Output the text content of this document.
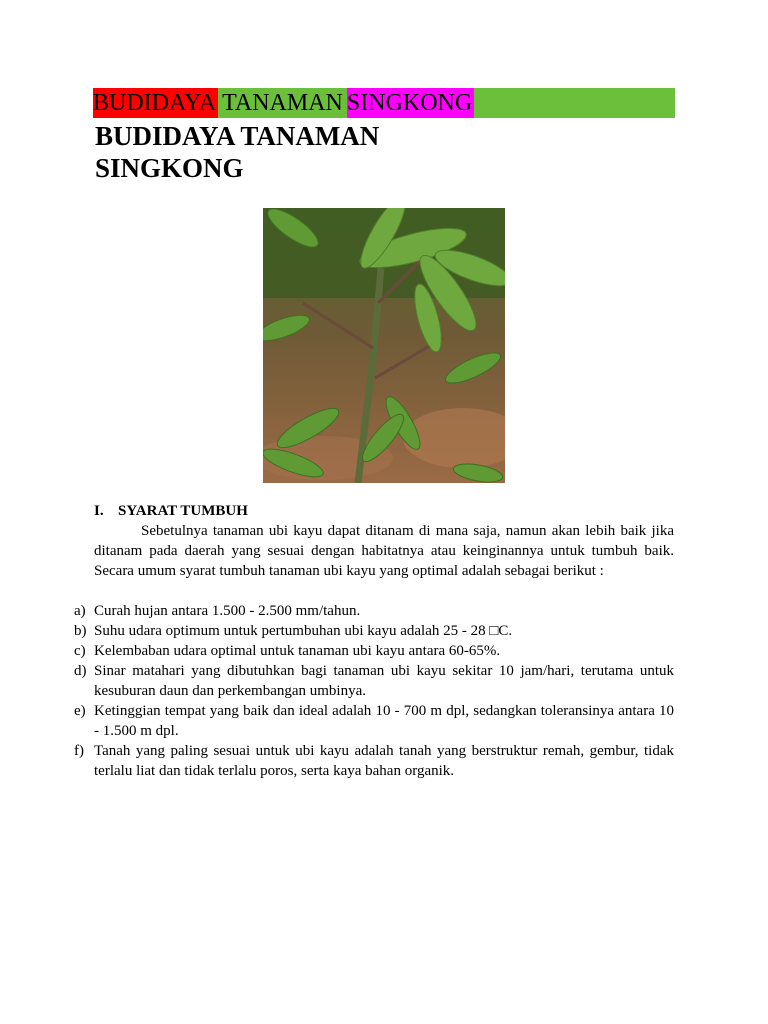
BUDIDAYA TANAMAN SINGKONG
BUDIDAYA TANAMAN
SINGKONG
I. SYARAT TUMBUH

Sebetulnya tanaman ubi kayu dapat ditanam di mana saja, namun akan lebih baik jika ditanam pada daerah yang sesuai dengan habitatnya atau keinginannya untuk tumbuh baik. Secara umum syarat tumbuh tanaman ubi kayu yang optimal adalah sebagai berikut :

a) Curah hujan antara 1.500 - 2.500 mm/tahun.
b) Suhu udara optimum untuk pertumbuhan ubi kayu adalah 25 - 28 □C.
c) Kelembaban udara optimal untuk tanaman ubi kayu antara 60-65%.
d) Sinar matahari yang dibutuhkan bagi tanaman ubi kayu sekitar 10 jam/hari, terutama untuk kesuburan daun dan perkembangan umbinya.
e) Ketinggian tempat yang baik dan ideal adalah 10 - 700 m dpl, sedangkan toleransinya antara 10 - 1.500 m dpl.
f) Tanah yang paling sesuai untuk ubi kayu adalah tanah yang berstruktur remah, gembur, tidak terlalu liat dan tidak terlalu poros, serta kaya bahan organik.
